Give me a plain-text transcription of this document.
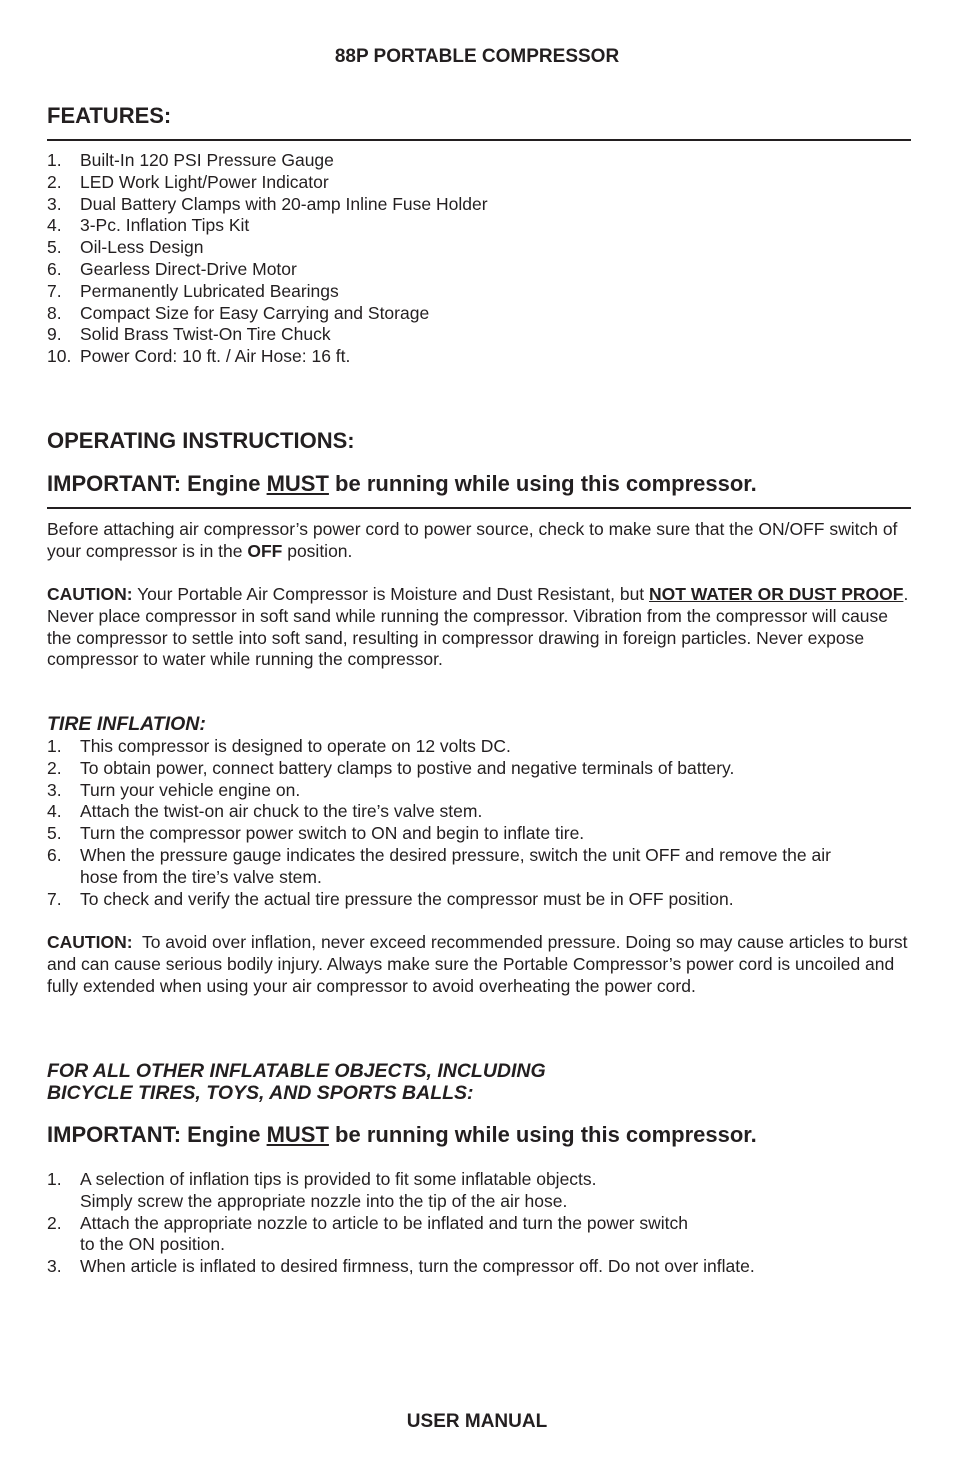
88P PORTABLE COMPRESSOR
FEATURES:
1. Built-In 120 PSI Pressure Gauge
2. LED Work Light/Power Indicator
3. Dual Battery Clamps with 20-amp Inline Fuse Holder
4. 3-Pc. Inflation Tips Kit
5. Oil-Less Design
6. Gearless Direct-Drive Motor
7. Permanently Lubricated Bearings
8. Compact Size for Easy Carrying and Storage
9. Solid Brass Twist-On Tire Chuck
10. Power Cord: 10 ft. / Air Hose: 16 ft.
OPERATING INSTRUCTIONS:
IMPORTANT: Engine MUST be running while using this compressor.
Before attaching air compressor’s power cord to power source, check to make sure that the ON/OFF switch of your compressor is in the OFF position.
CAUTION: Your Portable Air Compressor is Moisture and Dust Resistant, but NOT WATER OR DUST PROOF. Never place compressor in soft sand while running the compressor. Vibration from the compressor will cause the compressor to settle into soft sand, resulting in compressor drawing in foreign particles. Never expose compressor to water while running the compressor.
TIRE INFLATION:
1. This compressor is designed to operate on 12 volts DC.
2. To obtain power, connect battery clamps to postive and negative terminals of battery.
3. Turn your vehicle engine on.
4. Attach the twist-on air chuck to the tire’s valve stem.
5. Turn the compressor power switch to ON and begin to inflate tire.
6. When the pressure gauge indicates the desired pressure, switch the unit OFF and remove the air hose from the tire’s valve stem.
7. To check and verify the actual tire pressure the compressor must be in OFF position.
CAUTION:  To avoid over inflation, never exceed recommended pressure. Doing so may cause articles to burst and can cause serious bodily injury. Always make sure the Portable Compressor’s power cord is uncoiled and fully extended when using your air compressor to avoid overheating the power cord.
FOR ALL OTHER INFLATABLE OBJECTS, INCLUDING
BICYCLE TIRES, TOYS, AND SPORTS BALLS:
IMPORTANT: Engine MUST be running while using this compressor.
1. A selection of inflation tips is provided to fit some inflatable objects.
Simply screw the appropriate nozzle into the tip of the air hose.
2. Attach the appropriate nozzle to article to be inflated and turn the power switch
to the ON position.
3. When article is inflated to desired firmness, turn the compressor off. Do not over inflate.
USER MANUAL
